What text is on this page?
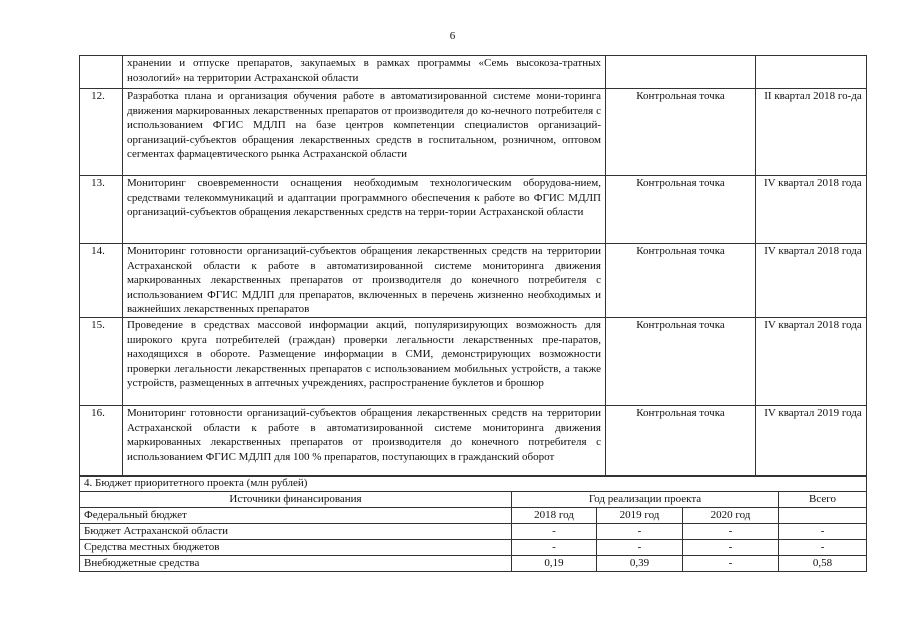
6
	хранении и отпуске препаратов, закупаемых в рамках программы «Семь высокоза-тратных нозологий» на территории Астраханской области		
12.	Разработка плана и организация обучения работе в автоматизированной системе мони-торинга движения маркированных лекарственных препаратов от производителя до ко-нечного потребителя с использованием ФГИС МДЛП на базе центров компетенции специалистов организаций- организаций-субъектов обращения лекарственных средств в госпитальном, розничном, оптовом сегментах фармацевтического рынка Астраханской области	Контрольная точка	II квартал 2018 го-да
13.	Мониторинг своевременности оснащения необходимым технологическим оборудова-нием, средствами телекоммуникаций и адаптации программного обеспечения к работе во ФГИС МДЛП организаций-субъектов обращения лекарственных средств на терри-тории Астраханской области	Контрольная точка	IV квартал 2018 года
14.	Мониторинг готовности организаций-субъектов обращения лекарственных средств на территории Астраханской области к работе в автоматизированной системе мониторинга движения маркированных лекарственных препаратов от производителя до конечного потребителя с использованием ФГИС МДЛП для препаратов, включенных в перечень жизненно необходимых и важнейших лекарственных препаратов	Контрольная точка	IV квартал 2018 года
15.	Проведение в средствах массовой информации акций, популяризирующих возможность для широкого круга потребителей (граждан) проверки легальности лекарственных пре-паратов, находящихся в обороте. Размещение информации в СМИ, демонстрирующих возможности проверки легальности лекарственных препаратов с использованием мобильных устройств, а также устройств, размещенных в аптечных учреждениях, распространение буклетов и брошюр	Контрольная точка	IV квартал 2018 года
16.	Мониторинг готовности организаций-субъектов обращения лекарственных средств на территории Астраханской области к работе в автоматизированной системе мониторинга движения маркированных лекарственных препаратов от производителя до конечного потребителя с использованием ФГИС МДЛП для 100 % препаратов, поступающих в гражданский оборот	Контрольная точка	IV квартал 2019 года
4. Бюджет приоритетного проекта (млн рублей)				
Источники финансирования	Год реализации проекта			Всего
Федеральный бюджет	2018 год	2019 год	2020 год	
Бюджет Астраханской области	-	-	-	-
Средства местных бюджетов	-	-	-	-
Внебюджетные средства	0,19	0,39	-	0,58
